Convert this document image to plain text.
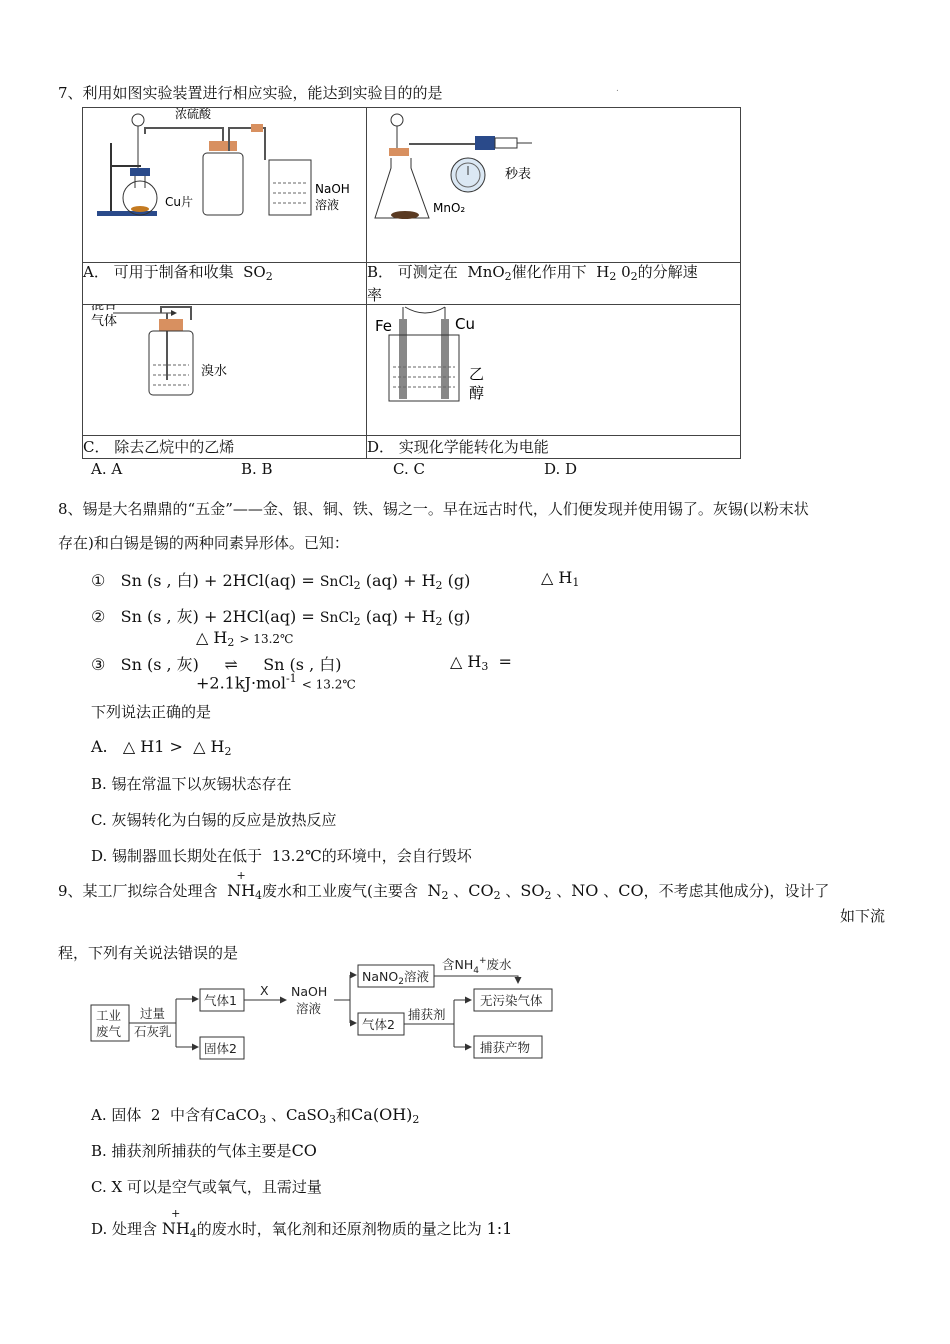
7、利用如图实验装置进行相应实验，能达到实验目的的是	.
浓硫酸
Cu片
NaOH
溶液	秒表
MnO₂

A． 可用于制备和收集 $SO_2$	B． 可测定在 MnO$_2$催化作用下 $H_2$ $0_2$的分解速
率

混合
气体
溴水	Fe Cu
乙
醇

C． 除去乙烷中的乙烯	D． 实现化学能转化为电能
A. A	B. B	C. C	D. D
8、锡是大名鼎鼎的“五金”——金、银、铜、铁、锡之一。早在远古时代，人们便发现并使用锡了。灰锡(以粉末状
存在)和白锡是锡的两种同素异形体。已知：
① Sn (s , 白) + 2HCl(aq) = SnCl$_2$ $(aq) + H_2$ (g)	△ $H_1$
② Sn (s , 灰) + 2HCl(aq) = SnCl$_2$ $(aq) + H_2$ (g)
△ $H_2$ > 13.2℃
③ Sn (s , 灰) ⇌ Sn (s , 白)	△ $H_3$ =
+2.1kJ·mol$^{-1}$ < 13.2℃
下列说法正确的是
A. △ H1 > △ $H_2$
B. 锡在常温下以灰锡状态存在
C. 灰锡转化为白锡的反应是放热反应
D. 锡制器皿长期处在低于 13.2℃的环境中，会自行毁坏
9、某工厂拟综合处理含
+
$NH_4$废水和工业废气(主要含 $N_2$ 、$CO_2$ 、$SO_2$ 、NO 、CO，不考虑其他成分)，设计了
如下流
程，下列有关说法错误的是
工业
废气
过量
石灰乳
气体1
固体2
X NaOH
溶液
NaNO$_2$溶液
气体2
含$NH_4^+$废水
无污染气体
捕获剂
捕获产物
A. 固体 2 中含有CaCO$_3$ 、CaSO$_3$和$Ca(OH)_2$
B. 捕获剂所捕获的气体主要是CO
C. X 可以是空气或氧气，且需过量
D. 处理含
+
$NH_4$的废水时，氧化剂和还原剂物质的量之比为 1:1
